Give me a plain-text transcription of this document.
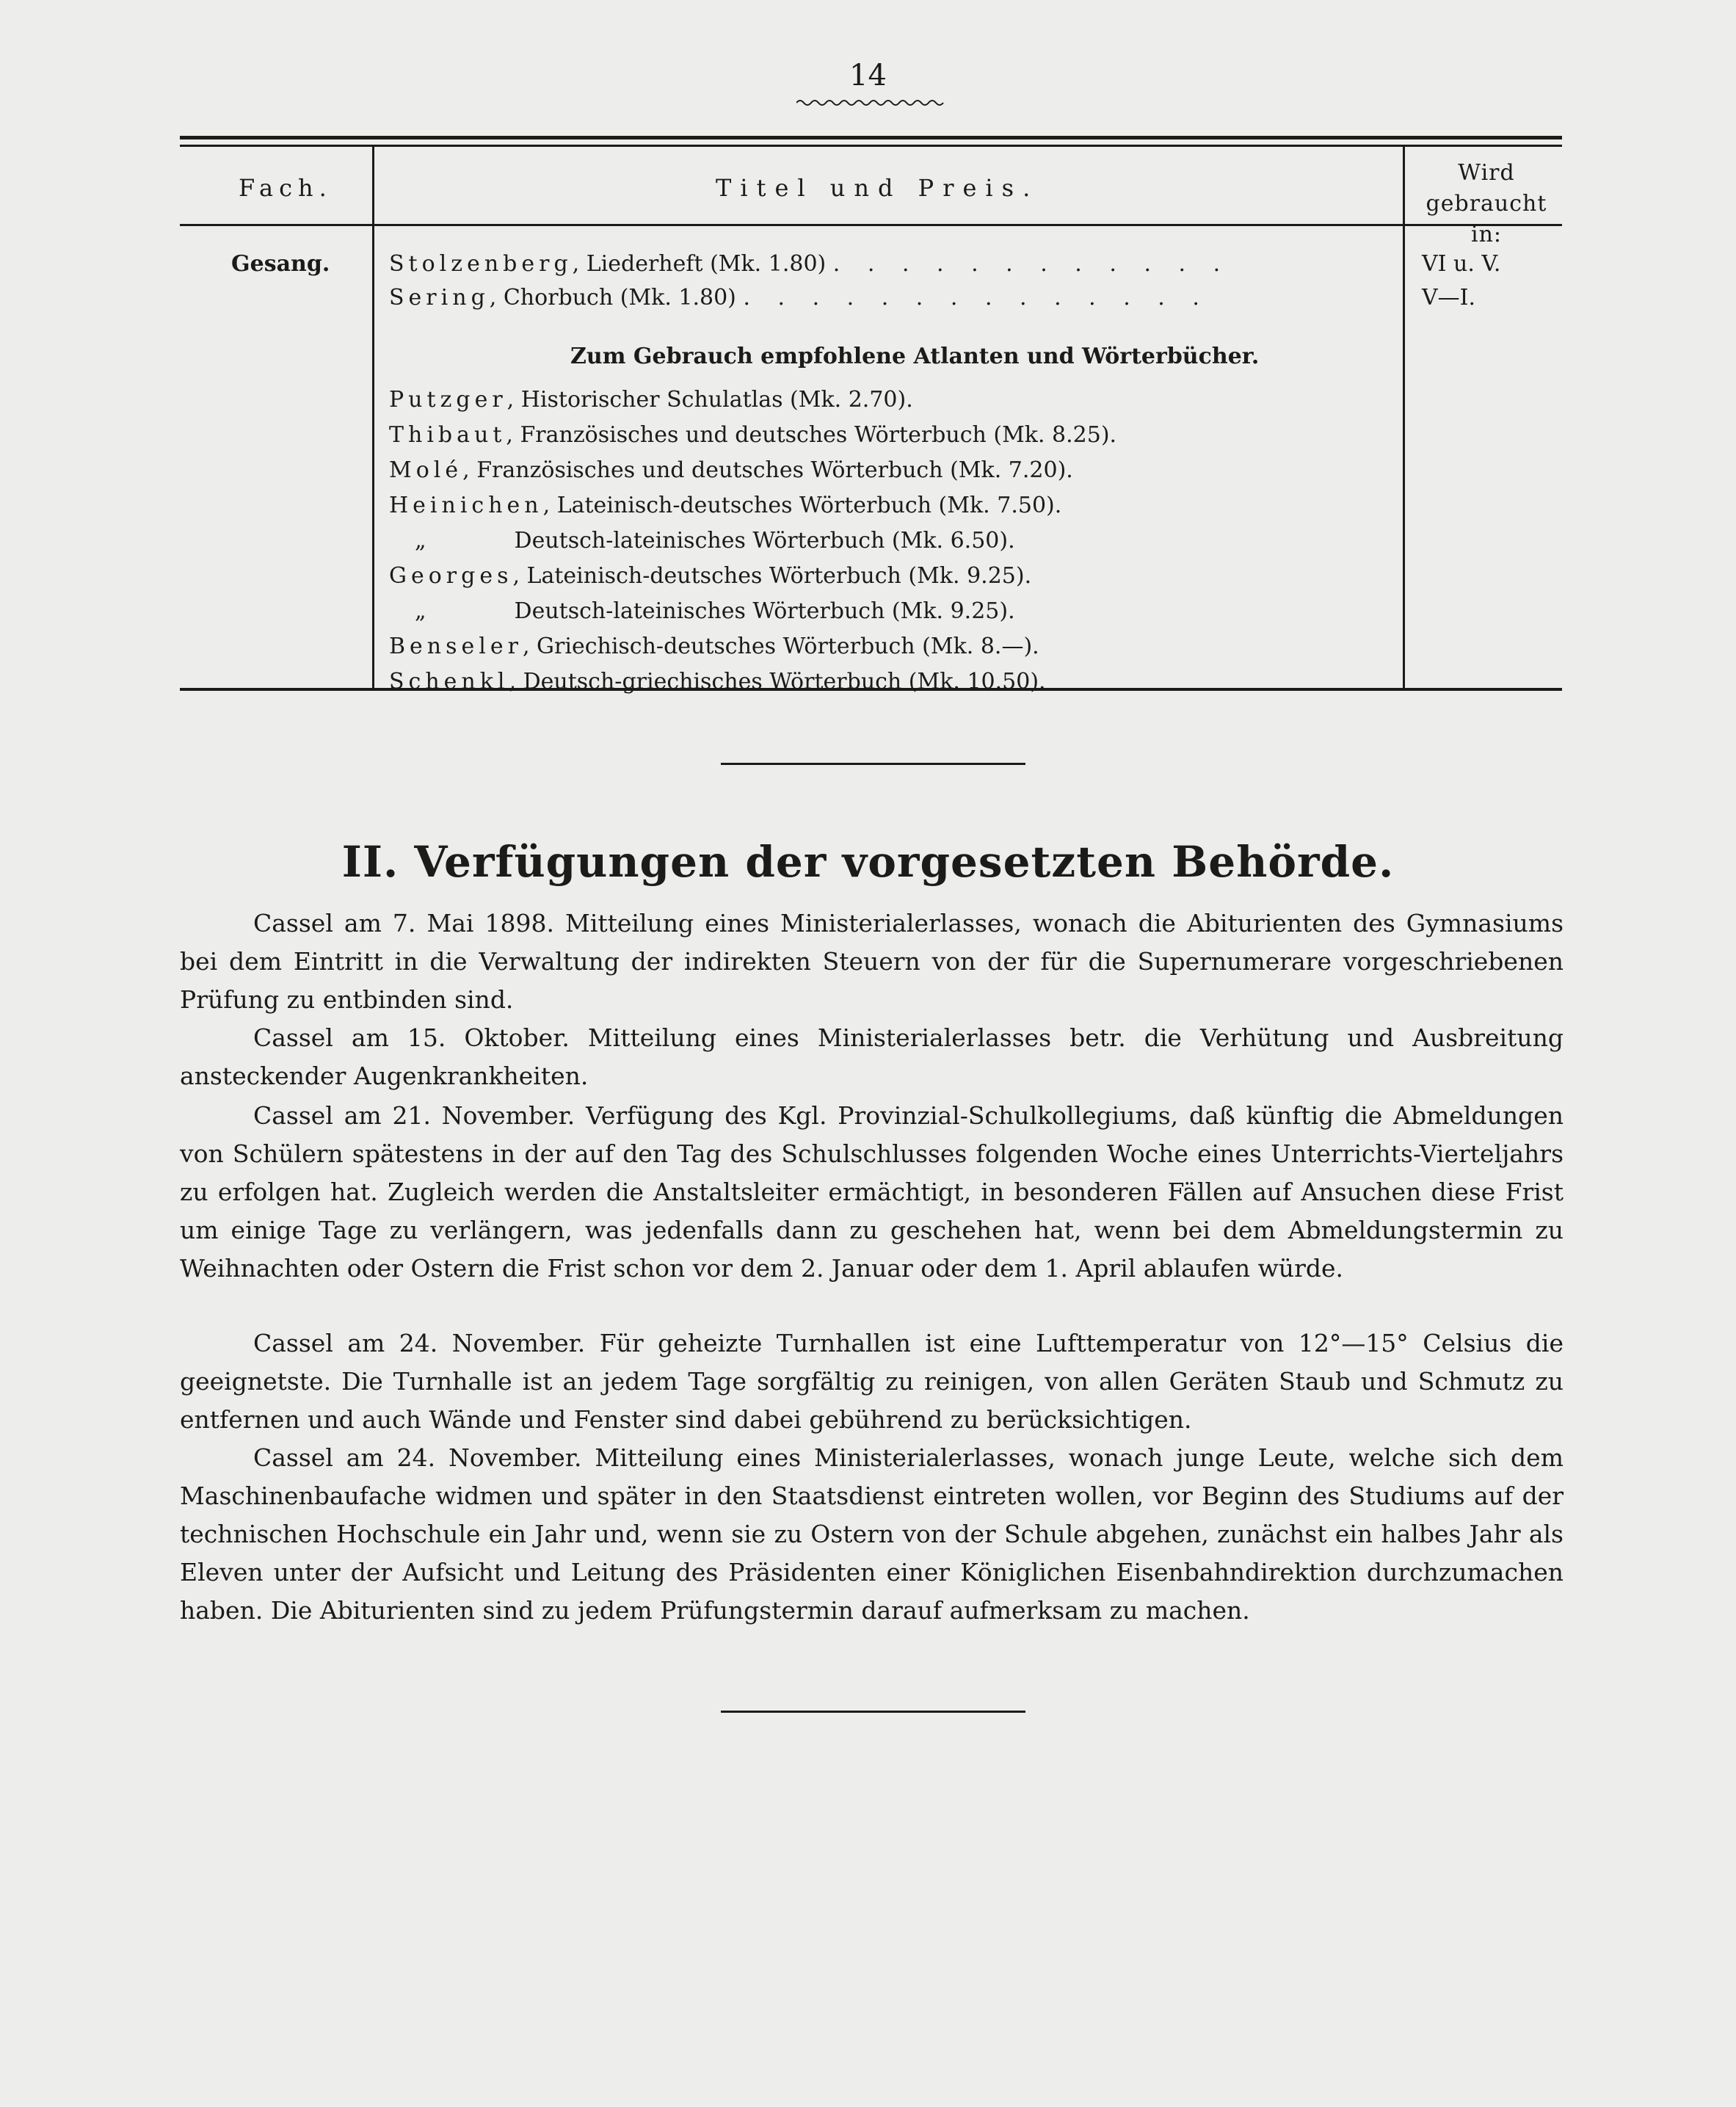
14
Fach.	Titel und Preis.
Wird
gebraucht in:
Gesang.	Stolzenberg, Liederheft (Mk. 1.80) . . . . . . . . . . . .	VI u. V.
Sering, Chorbuch (Mk. 1.80) . . . . . . . . . . . . . .	V—I.
Zum Gebrauch empfohlene Atlanten und Wörterbücher.
Putzger, Historischer Schulatlas (Mk. 2.70).
Thibaut, Französisches und deutsches Wörterbuch (Mk. 8.25).
Molé, Französisches und deutsches Wörterbuch (Mk. 7.20).
Heinichen, Lateinisch-deutsches Wörterbuch (Mk. 7.50).
„	Deutsch-lateinisches Wörterbuch (Mk. 6.50).
Georges, Lateinisch-deutsches Wörterbuch (Mk. 9.25).
„	Deutsch-lateinisches Wörterbuch (Mk. 9.25).
Benseler, Griechisch-deutsches Wörterbuch (Mk. 8.—).
Schenkl, Deutsch-griechisches Wörterbuch (Mk. 10.50).
II. Verfügungen der vorgesetzten Behörde.
Cassel am 7. Mai 1898. Mitteilung eines Ministerialerlasses, wonach die Abiturienten des Gymnasiums bei dem Eintritt in die Verwaltung der indirekten Steuern von der für die Supernumerare vorgeschriebenen Prüfung zu entbinden sind.
Cassel am 15. Oktober. Mitteilung eines Ministerialerlasses betr. die Verhütung und Ausbreitung ansteckender Augenkrankheiten.
Cassel am 21. November. Verfügung des Kgl. Provinzial-Schulkollegiums, daß künftig die Abmeldungen von Schülern spätestens in der auf den Tag des Schulschlusses folgenden Woche eines Unterrichts-Vierteljahrs zu erfolgen hat. Zugleich werden die Anstaltsleiter ermächtigt, in besonderen Fällen auf Ansuchen diese Frist um einige Tage zu verlängern, was jedenfalls dann zu geschehen hat, wenn bei dem Abmeldungstermin zu Weihnachten oder Ostern die Frist schon vor dem 2. Januar oder dem 1. April ablaufen würde.
Cassel am 24. November. Für geheizte Turnhallen ist eine Lufttemperatur von 12°—15° Celsius die geeignetste. Die Turnhalle ist an jedem Tage sorgfältig zu reinigen, von allen Geräten Staub und Schmutz zu entfernen und auch Wände und Fenster sind dabei gebührend zu berücksichtigen.
Cassel am 24. November. Mitteilung eines Ministerialerlasses, wonach junge Leute, welche sich dem Maschinenbaufache widmen und später in den Staatsdienst eintreten wollen, vor Beginn des Studiums auf der technischen Hochschule ein Jahr und, wenn sie zu Ostern von der Schule abgehen, zunächst ein halbes Jahr als Eleven unter der Aufsicht und Leitung des Präsidenten einer Königlichen Eisenbahndirektion durchzumachen haben. Die Abiturienten sind zu jedem Prüfungstermin darauf aufmerksam zu machen.
